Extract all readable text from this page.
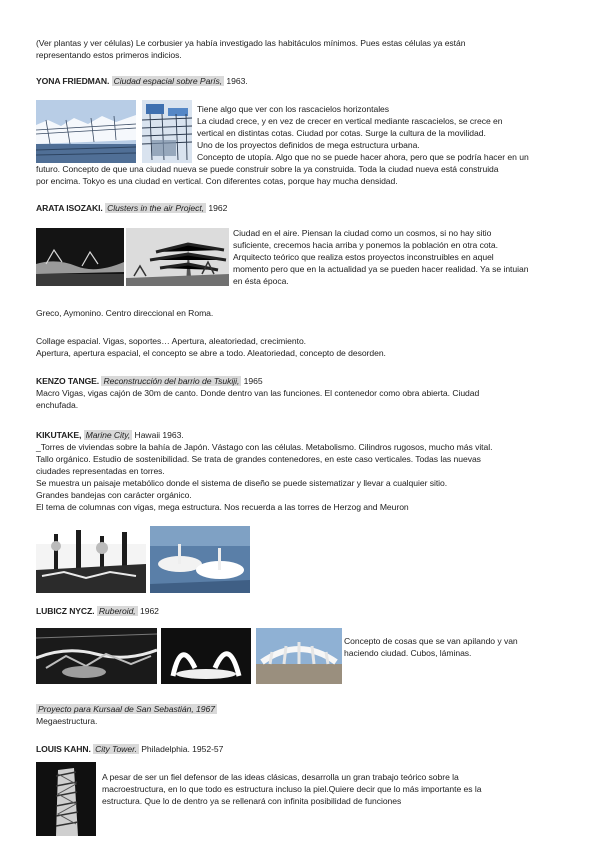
(Ver plantas y ver células) Le corbusier ya había investigado las habitáculos mínimos. Pues estas células ya están
representando estos primeros indicios.
YONA FRIEDMAN. Ciudad espacial sobre París, 1963.
Tiene algo que ver con los rascacielos horizontales
La ciudad crece, y en vez de crecer en vertical mediante rascacielos, se crece en
vertical en distintas cotas. Ciudad por cotas. Surge la cultura de la movilidad.
Uno de los proyectos definidos de mega estructura urbana.
Concepto de utopía. Algo que no se puede hacer ahora, pero que se podría hacer en un
futuro. Concepto de que una ciudad nueva se puede construir sobre la ya construida. Toda la ciudad nueva está construida
por encima. Tokyo es una ciudad en vertical. Con diferentes cotas, porque hay mucha densidad.
ARATA ISOZAKI. Clusters in the air Project, 1962
Ciudad en el aire. Piensan la ciudad como un cosmos, si no hay sitio
suficiente, crecemos hacia arriba y ponemos la población en otra cota.
Arquitecto teórico que realiza estos proyectos inconstruibles en aquel
momento pero que en la actualidad ya se pueden hacer realidad. Ya se intuian
en ésta época.
Greco, Aymonino. Centro direccional en Roma.
Collage espacial. Vigas, soportes… Apertura, aleatoriedad, crecimiento.
Apertura, apertura espacial, el concepto se abre a todo. Aleatoriedad, concepto de desorden.
KENZO TANGE. Reconstrucción del barrio de Tsukiji, 1965
Macro Vigas, vigas cajón de 30m de canto. Donde dentro van las funciones. El contenedor como obra abierta. Ciudad
enchufada.
KIKUTAKE, Marine City, Hawaii 1963.
_Torres de viviendas sobre la bahía de Japón. Vástago con las células. Metabolismo. Cilindros rugosos, mucho más vital.
Tallo orgánico. Estudio de sostenibilidad. Se trata de grandes contenedores, en este caso verticales. Todas las nuevas
ciudades representadas en torres.
Se muestra un paisaje metabólico donde el sistema de diseño se puede sistematizar y llevar a cualquier sitio.
Grandes bandejas con carácter orgánico.
El tema de columnas con vigas, mega estructura. Nos recuerda a las torres de Herzog and Meuron
LUBICZ NYCZ. Ruberoid, 1962
Concepto de cosas que se van apilando y van
haciendo ciudad. Cubos, láminas.
Proyecto para Kursaal de San Sebastián, 1967
Megaestructura.
LOUIS KAHN. City Tower. Philadelphia. 1952-57
A pesar de ser un fiel defensor de las ideas clásicas, desarrolla un gran trabajo teórico sobre la
macroestructura, en lo que todo es estructura incluso la piel.Quiere decir que lo más importante es la
estructura. Que lo de dentro ya se rellenará con infinita posibilidad de funciones
